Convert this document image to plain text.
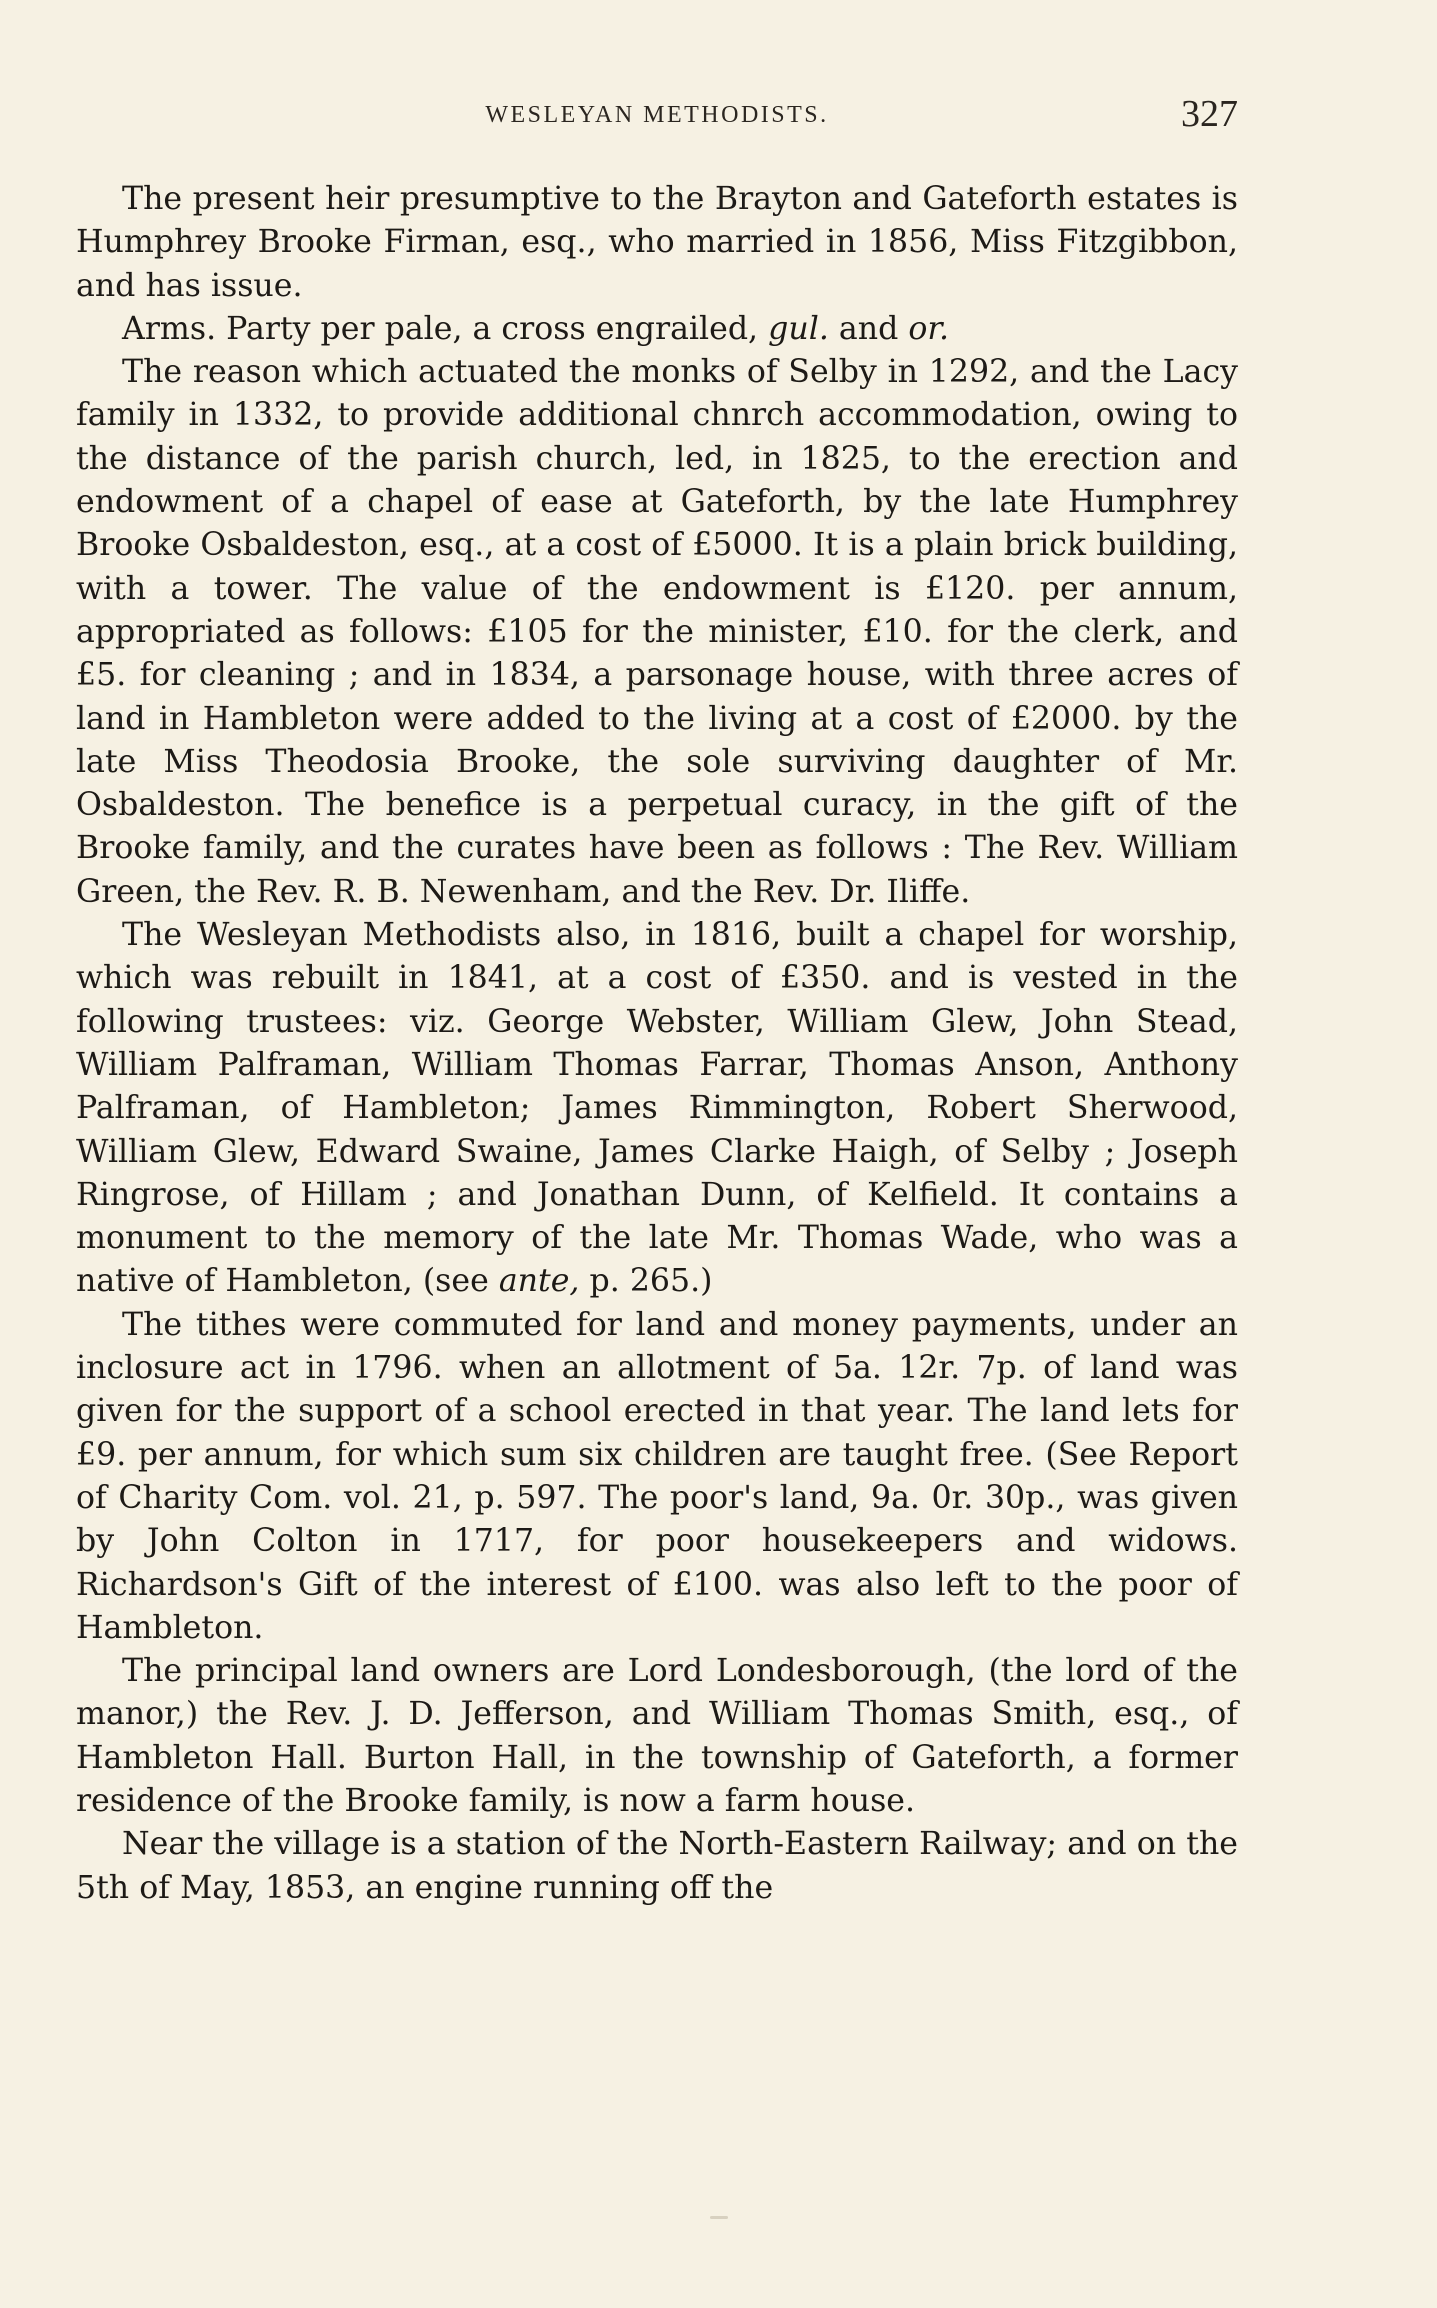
WESLEYAN METHODISTS.	327

The present heir presumptive to the Brayton and Gateforth estates is Humphrey Brooke Firman, esq., who married in 1856, Miss Fitzgibbon, and has issue.

Arms. Party per pale, a cross engrailed, gul. and or.

The reason which actuated the monks of Selby in 1292, and the Lacy family in 1332, to provide additional chnrch accommodation, owing to the distance of the parish church, led, in 1825, to the erection and endowment of a chapel of ease at Gateforth, by the late Humphrey Brooke Osbaldeston, esq., at a cost of £5000. It is a plain brick building, with a tower. The value of the endowment is £120. per annum, appropriated as follows: £105 for the minister, £10. for the clerk, and £5. for cleaning ; and in 1834, a parsonage house, with three acres of land in Hambleton were added to the living at a cost of £2000. by the late Miss Theodosia Brooke, the sole surviving daughter of Mr. Osbaldeston. The benefice is a perpetual curacy, in the gift of the Brooke family, and the curates have been as follows : The Rev. William Green, the Rev. R. B. Newenham, and the Rev. Dr. Iliffe.

The Wesleyan Methodists also, in 1816, built a chapel for worship, which was rebuilt in 1841, at a cost of £350. and is vested in the following trustees: viz. George Webster, William Glew, John Stead, William Palframan, William Thomas Farrar, Thomas Anson, Anthony Palframan, of Hambleton; James Rimmington, Robert Sherwood, William Glew, Edward Swaine, James Clarke Haigh, of Selby ; Joseph Ringrose, of Hillam ; and Jonathan Dunn, of Kelfield. It contains a monument to the memory of the late Mr. Thomas Wade, who was a native of Hambleton, (see ante, p. 265.)

The tithes were commuted for land and money payments, under an inclosure act in 1796. when an allotment of 5a. 12r. 7p. of land was given for the support of a school erected in that year. The land lets for £9. per annum, for which sum six children are taught free. (See Report of Charity Com. vol. 21, p. 597. The poor's land, 9a. 0r. 30p., was given by John Colton in 1717, for poor housekeepers and widows. Richardson's Gift of the interest of £100. was also left to the poor of Hambleton.

The principal land owners are Lord Londesborough, (the lord of the manor,) the Rev. J. D. Jefferson, and William Thomas Smith, esq., of Hambleton Hall. Burton Hall, in the township of Gateforth, a former residence of the Brooke family, is now a farm house.

Near the village is a station of the North-Eastern Railway; and on the 5th of May, 1853, an engine running off the
